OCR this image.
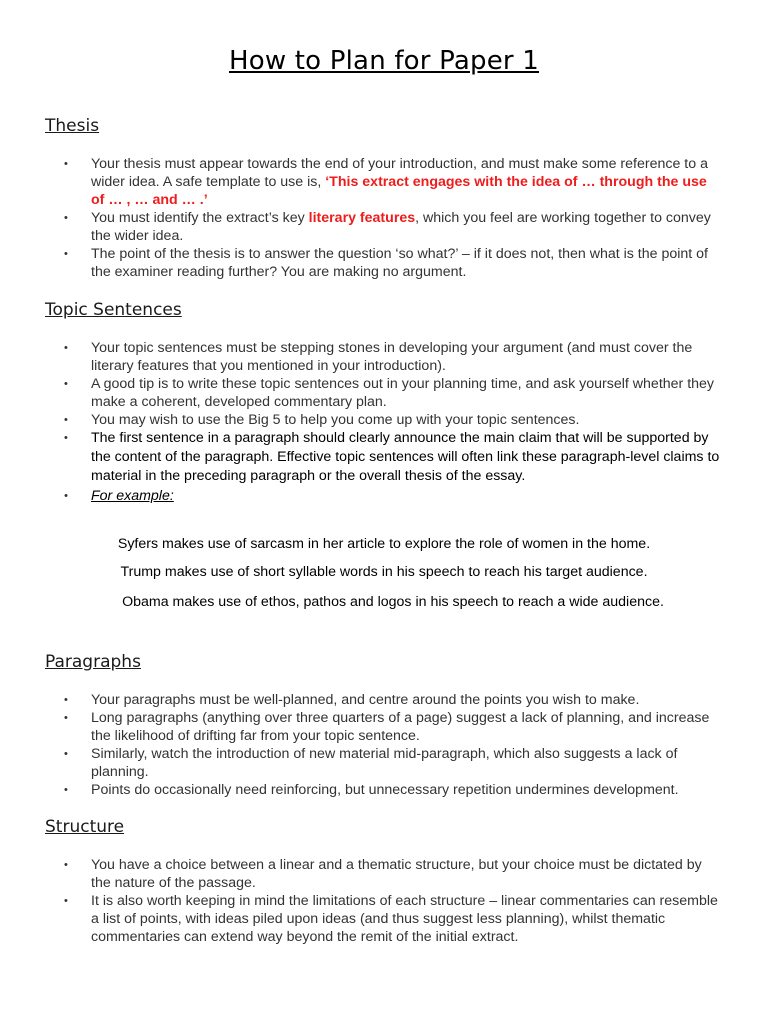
How to Plan for Paper 1
Thesis
• Your thesis must appear towards the end of your introduction, and must make some reference to a wider idea. A safe template to use is, ‘This extract engages with the idea of … through the use of … , … and … .’
• You must identify the extract’s key literary features, which you feel are working together to convey the wider idea.
• The point of the thesis is to answer the question ‘so what?’ – if it does not, then what is the point of the examiner reading further? You are making no argument.
Topic Sentences
• Your topic sentences must be stepping stones in developing your argument (and must cover the literary features that you mentioned in your introduction).
• A good tip is to write these topic sentences out in your planning time, and ask yourself whether they make a coherent, developed commentary plan.
• You may wish to use the Big 5 to help you come up with your topic sentences.
• The first sentence in a paragraph should clearly announce the main claim that will be supported by the content of the paragraph. Effective topic sentences will often link these paragraph-level claims to material in the preceding paragraph or the overall thesis of the essay.
• For example:
Syfers makes use of sarcasm in her article to explore the role of women in the home.
Trump makes use of short syllable words in his speech to reach his target audience.
Obama makes use of ethos, pathos and logos in his speech to reach a wide audience.
Paragraphs
• Your paragraphs must be well-planned, and centre around the points you wish to make.
• Long paragraphs (anything over three quarters of a page) suggest a lack of planning, and increase the likelihood of drifting far from your topic sentence.
• Similarly, watch the introduction of new material mid-paragraph, which also suggests a lack of planning.
• Points do occasionally need reinforcing, but unnecessary repetition undermines development.
Structure
• You have a choice between a linear and a thematic structure, but your choice must be dictated by the nature of the passage.
• It is also worth keeping in mind the limitations of each structure – linear commentaries can resemble a list of points, with ideas piled upon ideas (and thus suggest less planning), whilst thematic commentaries can extend way beyond the remit of the initial extract.
